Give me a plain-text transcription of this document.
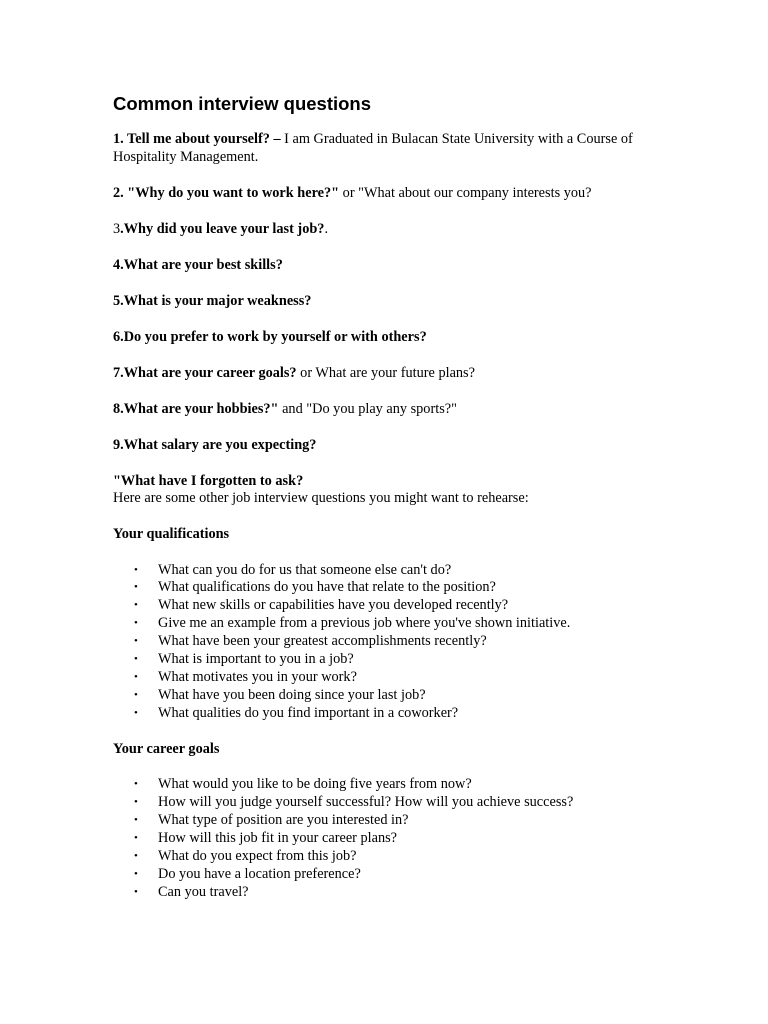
Common interview questions
1. Tell me about yourself? – I am Graduated in Bulacan State University with a Course of Hospitality Management.
2. "Why do you want to work here?" or "What about our company interests you?
3.Why did you leave your last job?.
4.What are your best skills?
5.What is your major weakness?
6.Do you prefer to work by yourself or with others?
7.What are your career goals? or What are your future plans?
8.What are your hobbies?" and "Do you play any sports?"
9.What salary are you expecting?
"What have I forgotten to ask?
Here are some other job interview questions you might want to rehearse:
Your qualifications
• What can you do for us that someone else can't do?
• What qualifications do you have that relate to the position?
• What new skills or capabilities have you developed recently?
• Give me an example from a previous job where you've shown initiative.
• What have been your greatest accomplishments recently?
• What is important to you in a job?
• What motivates you in your work?
• What have you been doing since your last job?
• What qualities do you find important in a coworker?
Your career goals
• What would you like to be doing five years from now?
• How will you judge yourself successful? How will you achieve success?
• What type of position are you interested in?
• How will this job fit in your career plans?
• What do you expect from this job?
• Do you have a location preference?
• Can you travel?
